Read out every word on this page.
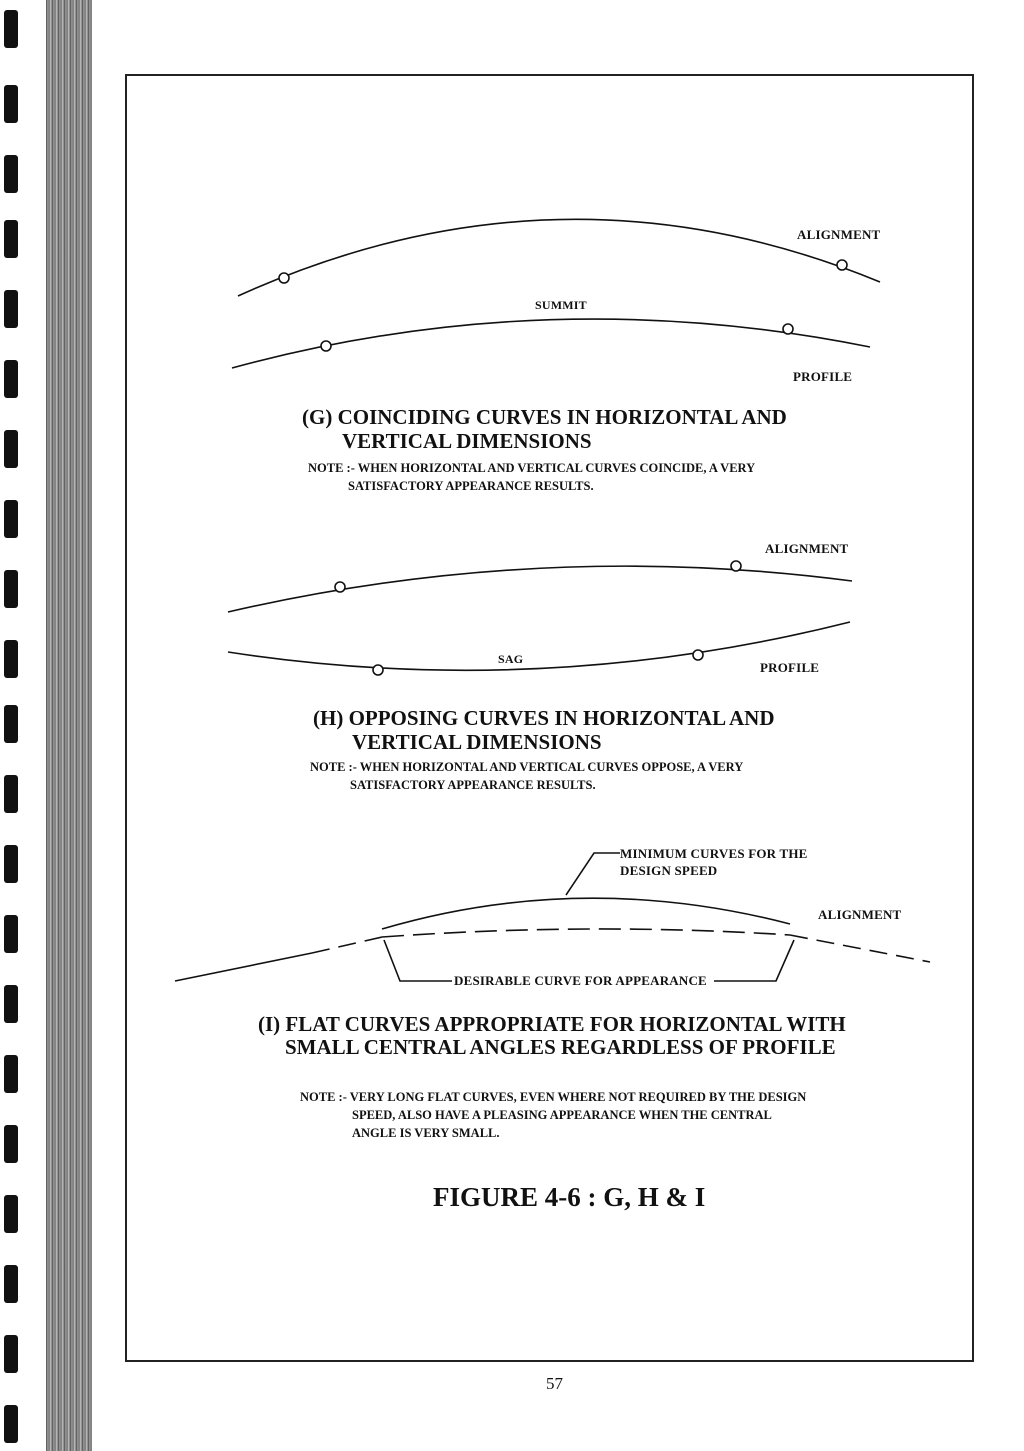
ALIGNMENT
SUMMIT
PROFILE
(G) COINCIDING CURVES IN HORIZONTAL AND
VERTICAL DIMENSIONS
NOTE :- WHEN HORIZONTAL AND VERTICAL CURVES COINCIDE, A VERY
SATISFACTORY APPEARANCE RESULTS.
ALIGNMENT
SAG
PROFILE
(H) OPPOSING CURVES IN HORIZONTAL AND
VERTICAL DIMENSIONS
NOTE :- WHEN HORIZONTAL AND VERTICAL CURVES OPPOSE, A VERY
SATISFACTORY APPEARANCE RESULTS.
MINIMUM CURVES FOR THE
DESIGN SPEED
ALIGNMENT
DESIRABLE CURVE FOR APPEARANCE
(I) FLAT CURVES APPROPRIATE FOR HORIZONTAL WITH
SMALL CENTRAL ANGLES REGARDLESS OF PROFILE
NOTE :- VERY LONG FLAT CURVES, EVEN WHERE NOT REQUIRED BY THE DESIGN
SPEED, ALSO HAVE A PLEASING APPEARANCE WHEN THE CENTRAL
ANGLE IS VERY SMALL.
FIGURE 4-6 : G, H & I
57
